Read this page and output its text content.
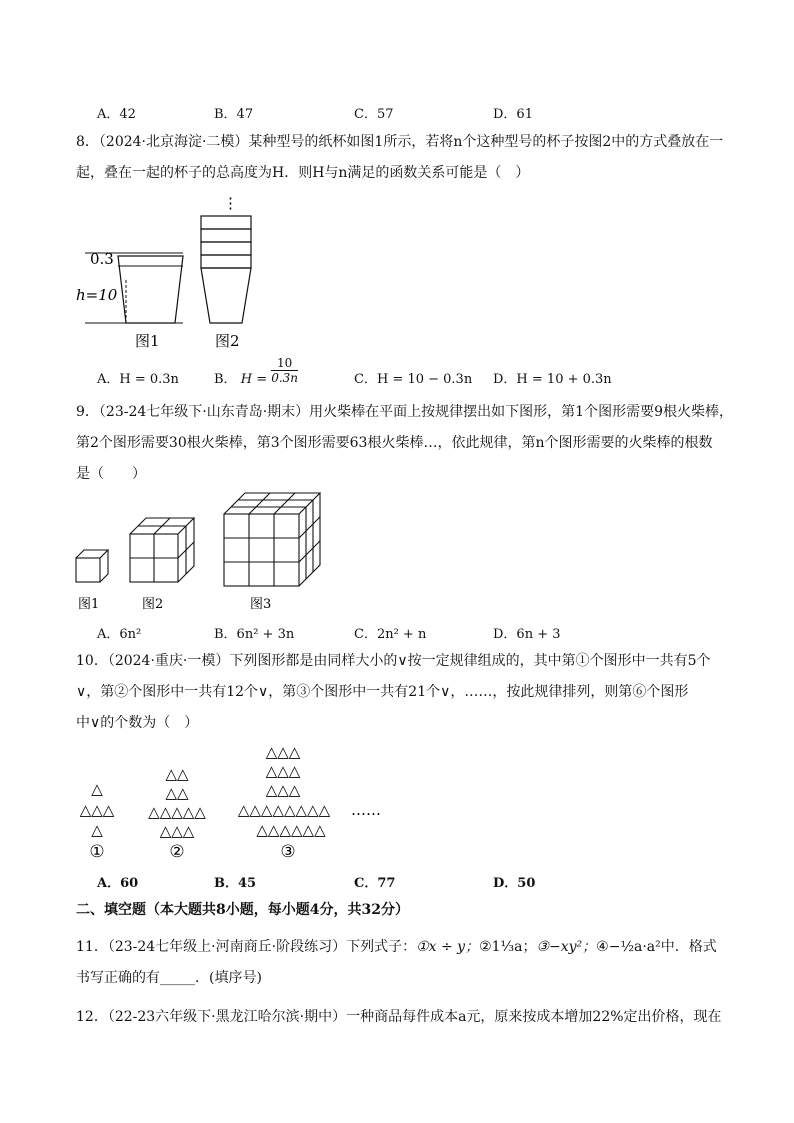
A．42	B．47	C．57	D．61
8．（2024·北京海淀·二模）某种型号的纸杯如图1所示，若将n个这种型号的杯子按图2中的方式叠放在一
起，叠在一起的杯子的总高度为H．则H与n满足的函数关系可能是（　）
0.3
h=10
图1
⋮
图2
A．H = 0.3n	B． $H = \frac{10}{0.3n}$	C．H = 10 − 0.3n D．H = 10 + 0.3n
9．（23-24七年级下·山东青岛·期末）用火柴棒在平面上按规律摆出如下图形，第1个图形需要9根火柴棒，
第2个图形需要30根火柴棒，第3个图形需要63根火柴棒…，依此规律，第n个图形需要的火柴棒的根数
是（　　）
图1	图2	图3
A．6n²	B．6n² + 3n	C．2n² + n	D．6n + 3
10．（2024·重庆·一模）下列图形都是由同样大小的∨按一定规律组成的，其中第①个图形中一共有5个
∨，第②个图形中一共有12个∨，第③个图形中一共有21个∨，……，按此规律排列，则第⑥个图形
中∨的个数为（　）
△
△△△
△
△△
△△
△△△△△
△△△
△△△
△△△
△△△
△△△△△△△△
△△△△△△
……
①	②	③
A．60	B．45	C．77	D．50
二、填空题（本大题共8小题，每小题4分，共32分）
11．（23-24七年级上·河南商丘·阶段练习）下列式子：①x ÷ y；②1⅓a；③−xy²；④−½a·a²中．格式
书写正确的有_____．(填序号)
12．（22-23六年级下·黑龙江哈尔滨·期中）一种商品每件成本a元，原来按成本增加22%定出价格，现在
